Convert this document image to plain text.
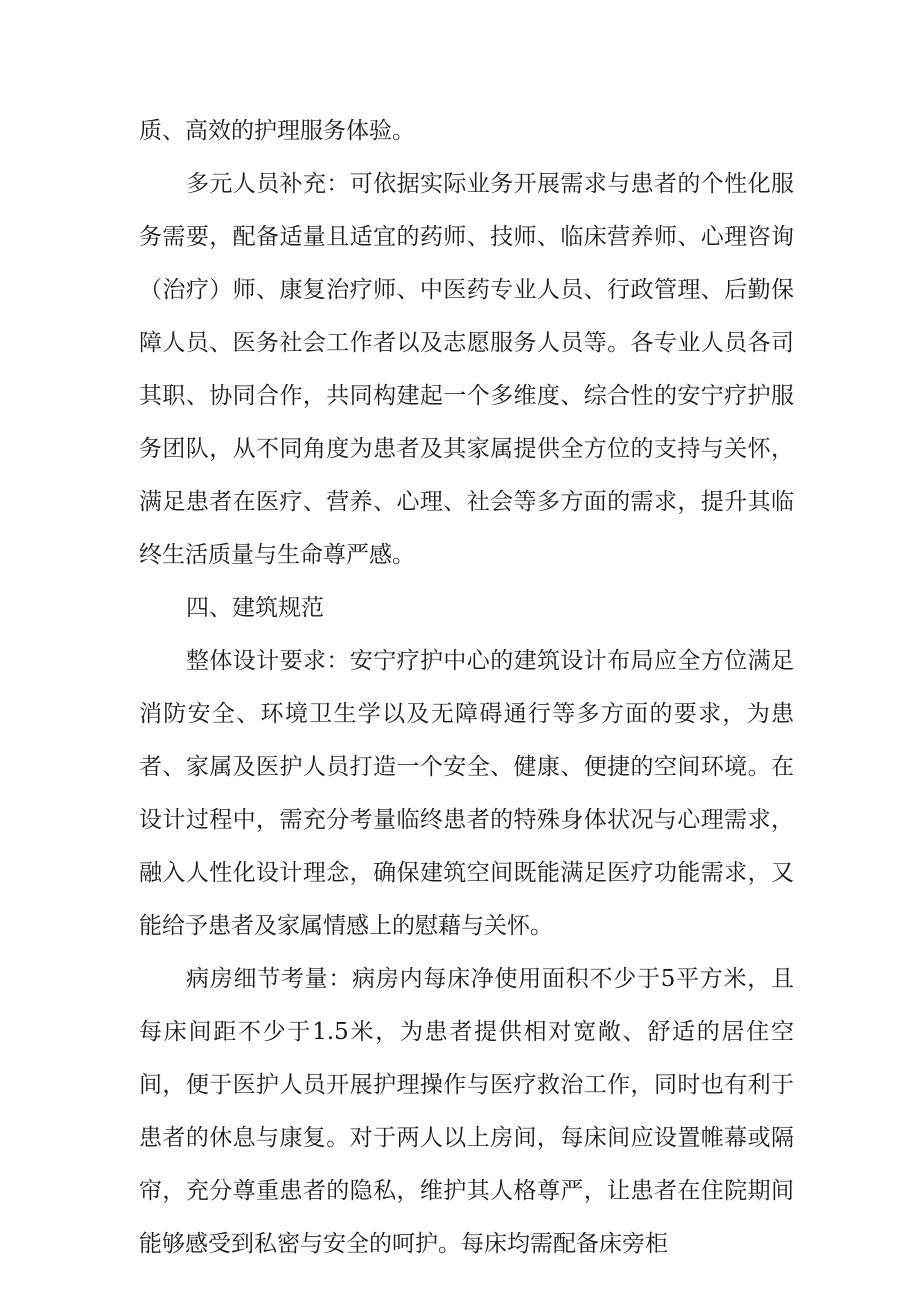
质、高效的护理服务体验。

多元人员补充：可依据实际业务开展需求与患者的个性化服务需要，配备适量且适宜的药师、技师、临床营养师、心理咨询（治疗）师、康复治疗师、中医药专业人员、行政管理、后勤保障人员、医务社会工作者以及志愿服务人员等。各专业人员各司其职、协同合作，共同构建起一个多维度、综合性的安宁疗护服务团队，从不同角度为患者及其家属提供全方位的支持与关怀，满足患者在医疗、营养、心理、社会等多方面的需求，提升其临终生活质量与生命尊严感。

四、建筑规范

整体设计要求：安宁疗护中心的建筑设计布局应全方位满足消防安全、环境卫生学以及无障碍通行等多方面的要求，为患者、家属及医护人员打造一个安全、健康、便捷的空间环境。在设计过程中，需充分考量临终患者的特殊身体状况与心理需求，融入人性化设计理念，确保建筑空间既能满足医疗功能需求，又能给予患者及家属情感上的慰藉与关怀。

病房细节考量：病房内每床净使用面积不少于5平方米，且每床间距不少于1.5米，为患者提供相对宽敞、舒适的居住空间，便于医护人员开展护理操作与医疗救治工作，同时也有利于患者的休息与康复。对于两人以上房间，每床间应设置帷幕或隔帘，充分尊重患者的隐私，维护其人格尊严，让患者在住院期间能够感受到私密与安全的呵护。每床均需配备床旁柜
